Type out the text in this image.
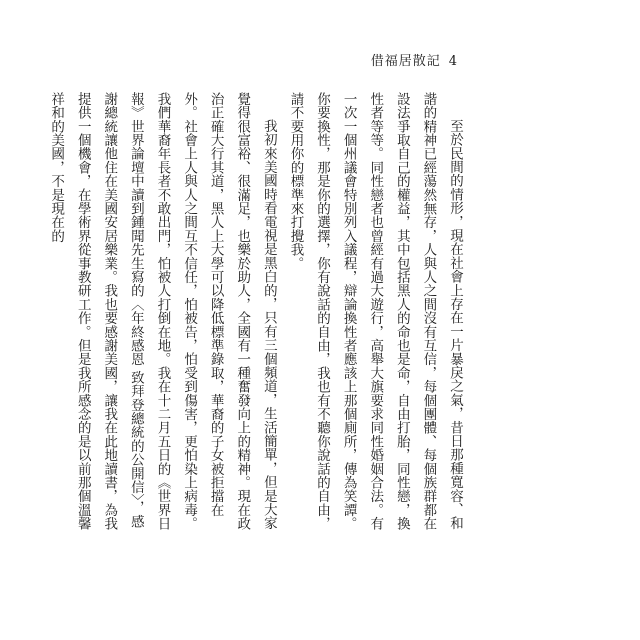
借福居散記 4

至於民間的情形，現在社會上存在一片暴戾之氣，昔日那種寬容、和諧的精神已經蕩然無存，人與人之間沒有互信，每個團體、每個族群都在設法爭取自己的權益，其中包括黑人的命也是命，自由打胎，同性戀，換性者等等。同性戀者也曾經有過大遊行，高舉大旗要求同性婚姻合法。有一次一個州議會特別列入議程，辯論換性者應該上那個廁所，傳為笑譚。你要換性，那是你的選擇，你有說話的自由，我也有不聽你說話的自由，請不要用你的標準來打攪我。

我初來美國時看電視是黑白的，只有三個頻道，生活簡單，但是大家覺得很富裕、很滿足，也樂於助人，全國有一種奮發向上的精神。現在政治正確大行其道，黑人上大學可以降低標準錄取，華裔的子女被拒擋在外。社會上人與人之間互不信任，怕被告，怕受到傷害，更怕染上病毒。我們華裔年長者不敢出門，怕被人打倒在地。我在十二月五日的《世界日報》世界論壇中讀到鍾聞先生寫的〈年終感恩 致拜登總統的公開信〉，感謝總統讓他住在美國安居樂業。我也要感謝美國，讓我在此地讀書，為我提供一個機會，在學術界從事教研工作。但是我所感念的是以前那個溫馨祥和的美國，不是現在的
